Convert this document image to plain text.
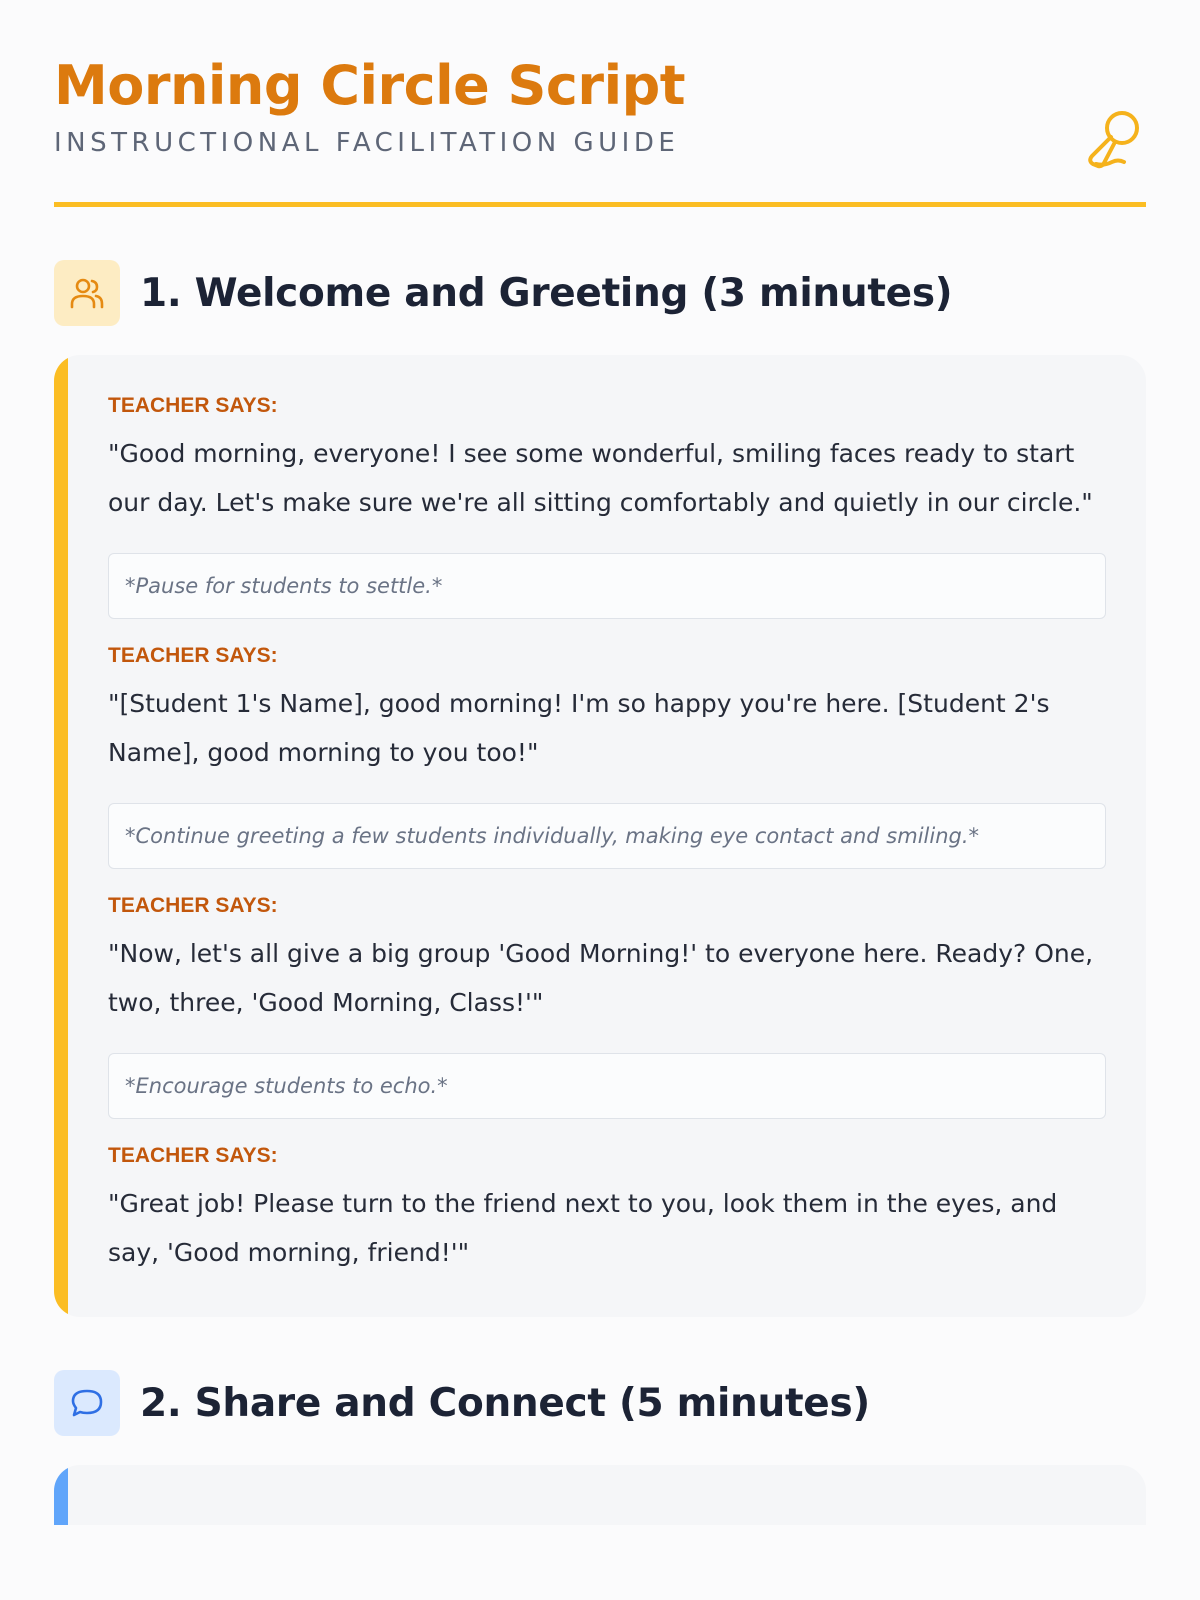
Morning Circle Script
INSTRUCTIONAL FACILITATION GUIDE
1. Welcome and Greeting (3 minutes)
TEACHER SAYS:

"Good morning, everyone! I see some wonderful, smiling faces ready to start our day. Let's make sure we're all sitting comfortably and quietly in our circle."

*Pause for students to settle.*
TEACHER SAYS:

"[Student 1's Name], good morning! I'm so happy you're here. [Student 2's Name], good morning to you too!"

*Continue greeting a few students individually, making eye contact and smiling.*
TEACHER SAYS:

"Now, let's all give a big group 'Good Morning!' to everyone here. Ready? One, two, three, 'Good Morning, Class!'"

*Encourage students to echo.*
TEACHER SAYS:

"Great job! Please turn to the friend next to you, look them in the eyes, and say, 'Good morning, friend!'"

2. Share and Connect (5 minutes)
